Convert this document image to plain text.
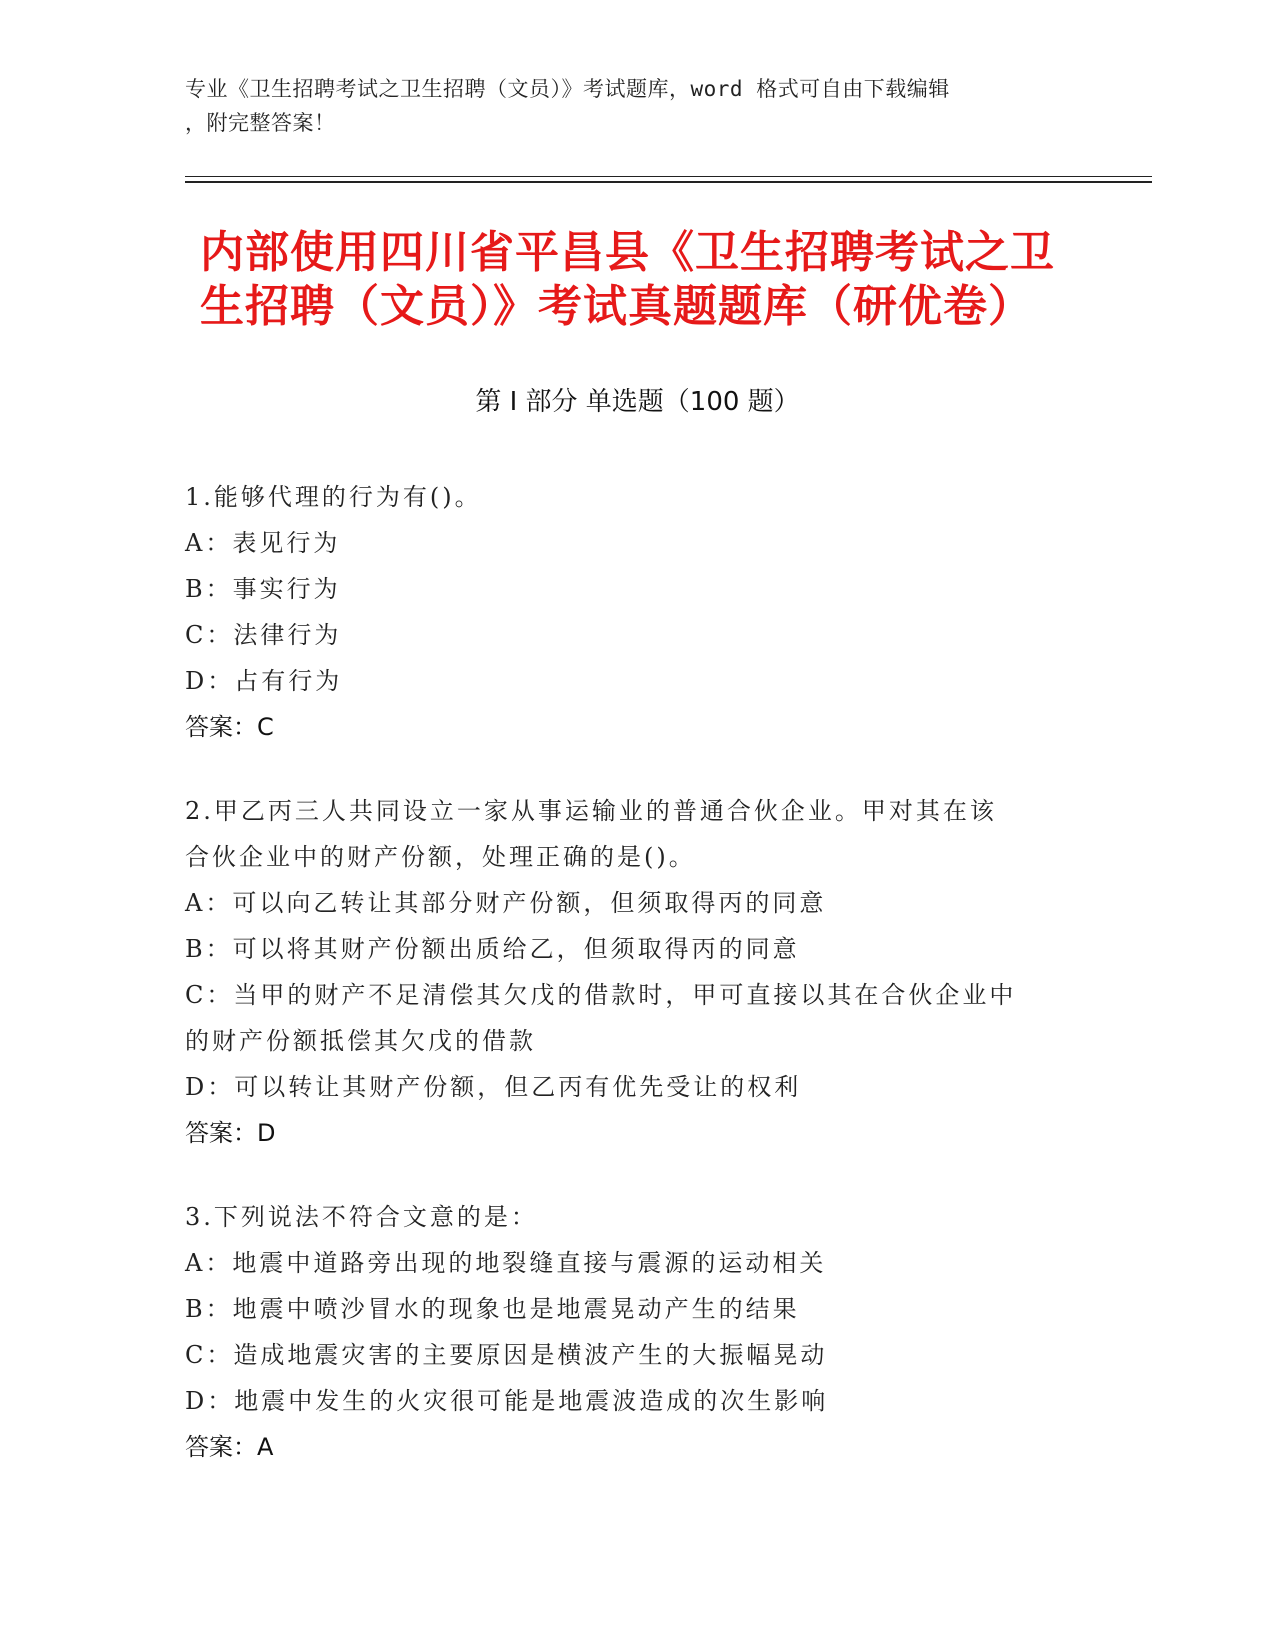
专业《卫生招聘考试之卫生招聘（文员）》考试题库，word 格式可自由下载编辑
，附完整答案！
内部使用四川省平昌县《卫生招聘考试之卫
生招聘（文员）》考试真题题库（研优卷）
第 I 部分 单选题（100 题）
1.能够代理的行为有()。
A：表见行为
B：事实行为
C：法律行为
D：占有行为
答案：C
2.甲乙丙三人共同设立一家从事运输业的普通合伙企业。甲对其在该
合伙企业中的财产份额，处理正确的是()。
A：可以向乙转让其部分财产份额，但须取得丙的同意
B：可以将其财产份额出质给乙，但须取得丙的同意
C：当甲的财产不足清偿其欠戊的借款时，甲可直接以其在合伙企业中
的财产份额抵偿其欠戊的借款
D：可以转让其财产份额，但乙丙有优先受让的权利
答案：D
3.下列说法不符合文意的是：
A：地震中道路旁出现的地裂缝直接与震源的运动相关
B：地震中喷沙冒水的现象也是地震晃动产生的结果
C：造成地震灾害的主要原因是横波产生的大振幅晃动
D：地震中发生的火灾很可能是地震波造成的次生影响
答案：A
